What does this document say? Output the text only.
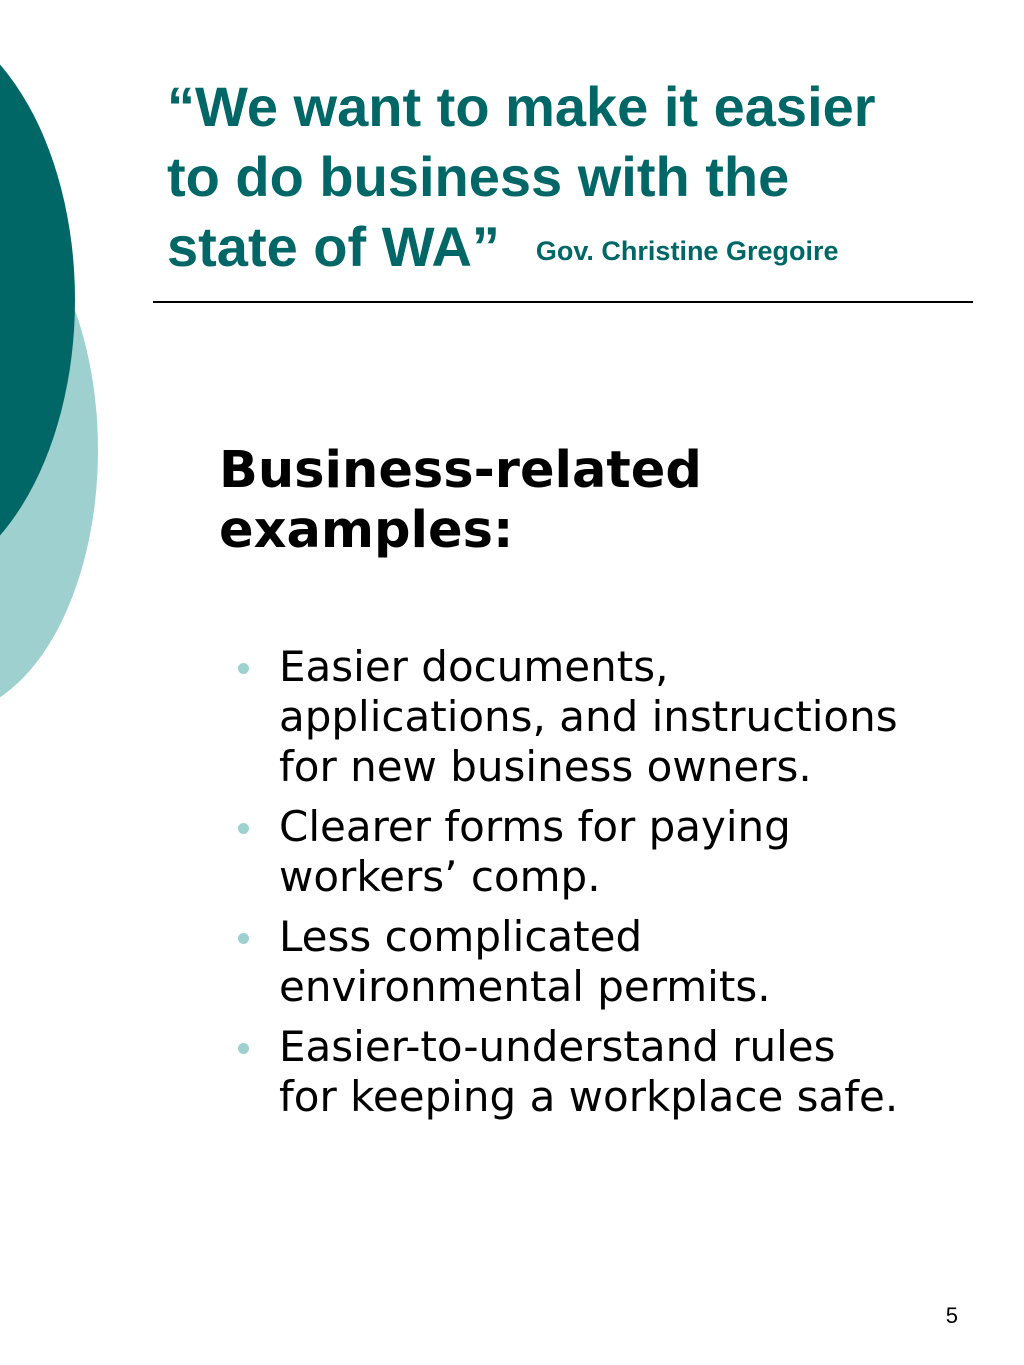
“We want to make it easier
to do business with the
state of WA” Gov. Christine Gregoire
Business-related
examples:
Easier documents,
applications, and instructions
for new business owners.
Clearer forms for paying
workers’ comp.
Less complicated
environmental permits.
Easier-to-understand rules
for keeping a workplace safe.
5
